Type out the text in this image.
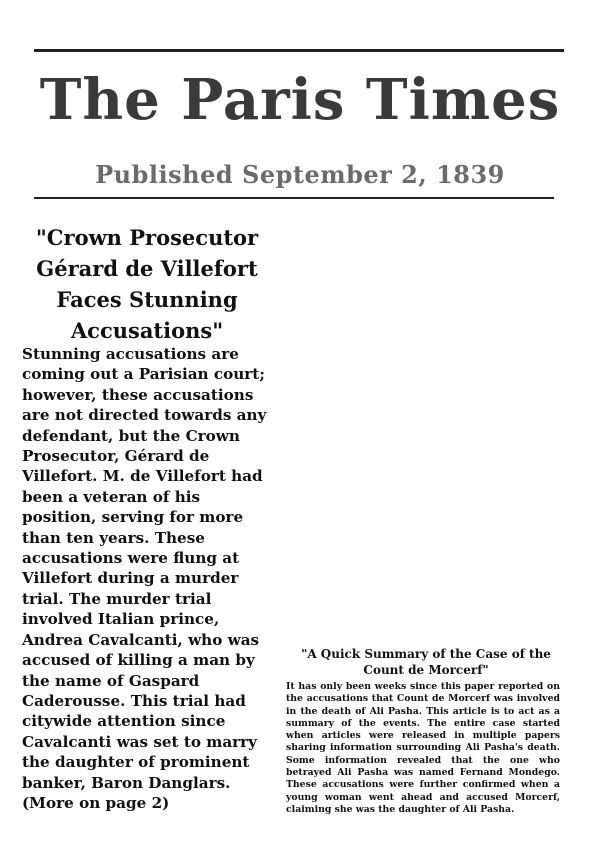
The Paris Times
Published September 2, 1839
"Crown Prosecutor Gérard de Villefort Faces Stunning Accusations"
Stunning accusations are coming out a Parisian court; however, these accusations are not directed towards any defendant, but the Crown Prosecutor, Gérard de Villefort. M. de Villefort had been a veteran of his position, serving for more than ten years. These accusations were flung at Villefort during a murder trial. The murder trial involved Italian prince, Andrea Cavalcanti, who was accused of killing a man by the name of Gaspard Caderousse. This trial had citywide attention since Cavalcanti was set to marry the daughter of prominent banker, Baron Danglars. (More on page 2)
"A Quick Summary of the Case of the Count de Morcerf"
It has only been weeks since this paper reported on the accusations that Count de Morcerf was involved in the death of Ali Pasha. This article is to act as a summary of the events. The entire case started when articles were released in multiple papers sharing information surrounding Ali Pasha's death. Some information revealed that the one who betrayed Ali Pasha was named Fernand Mondego. These accusations were further confirmed when a young woman went ahead and accused Morcerf, claiming she was the daughter of Ali Pasha.
